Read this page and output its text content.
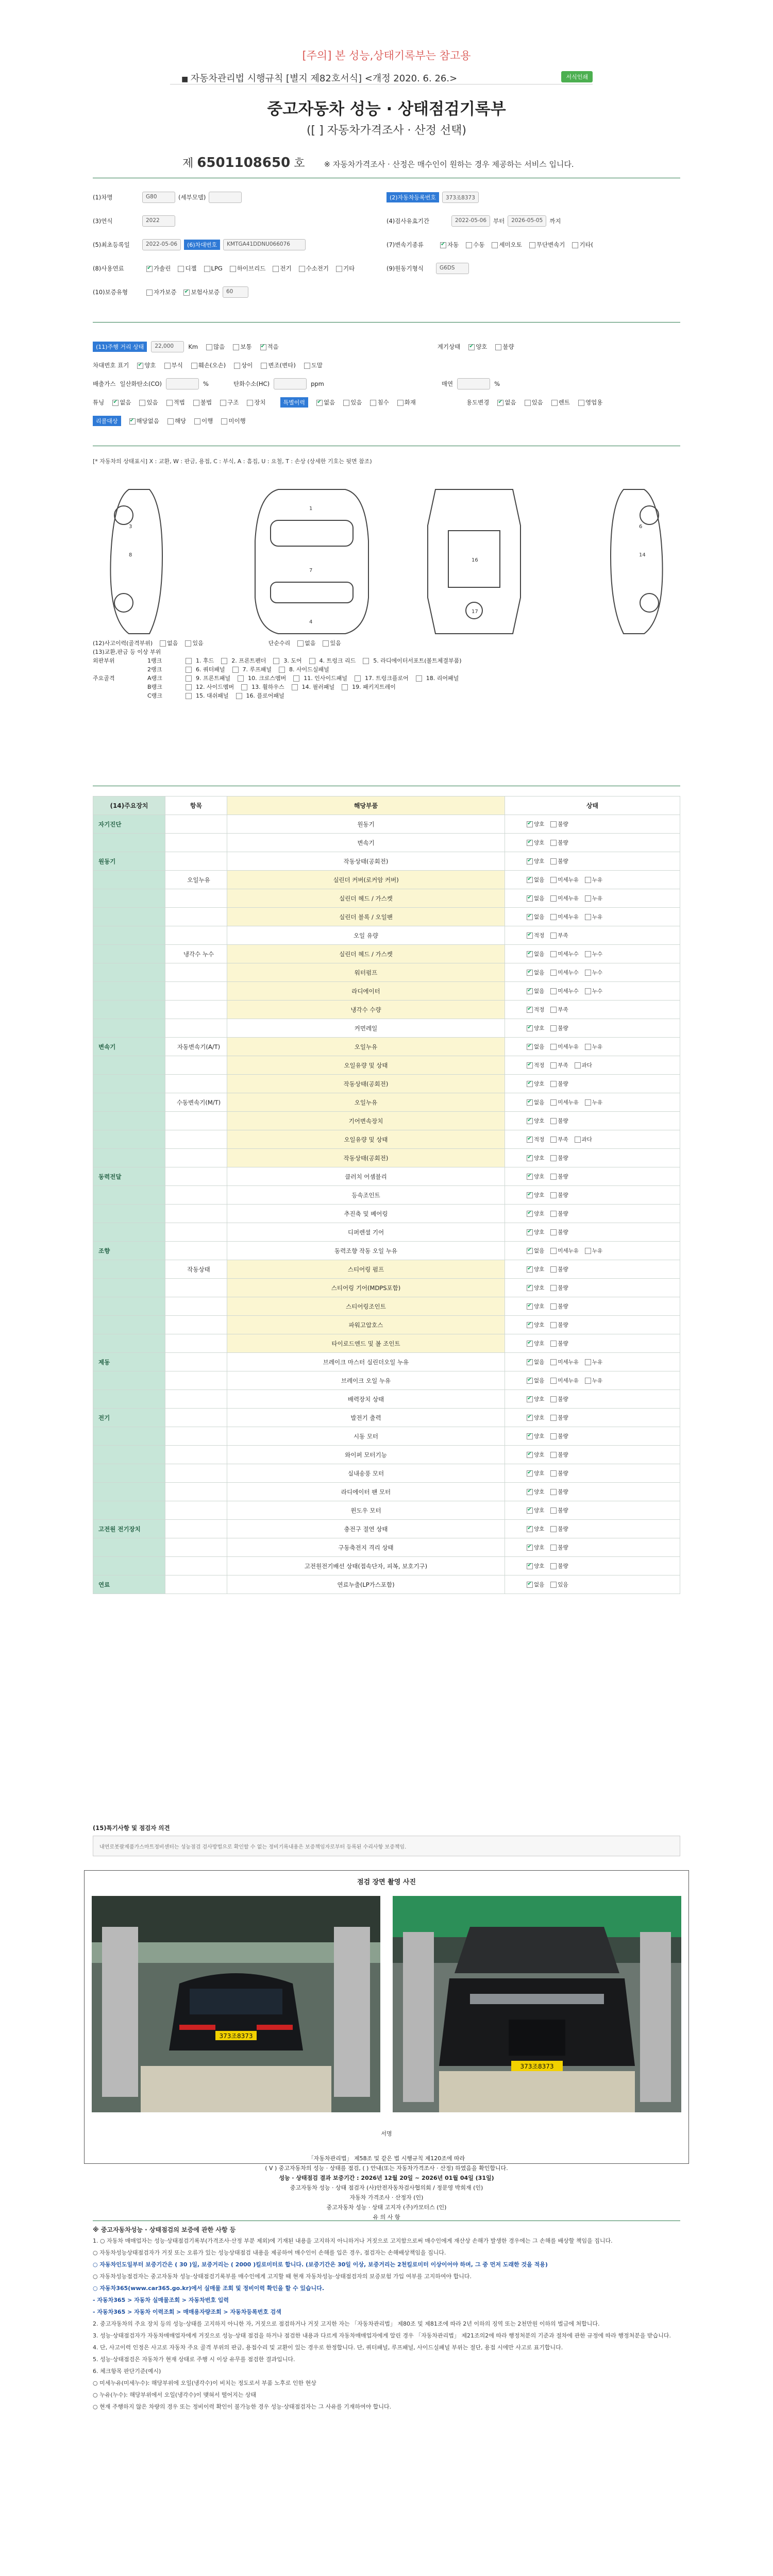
[주의] 본 성능,상태기록부는 참고용
■ 자동차관리법 시행규칙 [별지 제82호서식] <개정 2020. 6. 26.>	서식인쇄
중고자동차 성능 · 상태점검기록부
([ ] 자동차가격조사 · 산정 선택)
제 6501108650 호 ※ 자동차가격조사 · 산정은 매수인이 원하는 경우 제공하는 서비스 입니다.
(1)차명	G80	(세부모델)	(2)자동차등록번호	373조8373
(3)연식	2022	(4)검사유효기간	2022-05-06	부터	2026-05-05	까지
(5)최초등록일	2022-05-06	(6)차대번호	KMTGA41DDNU066076	(7)변속기종류 ✔	자동	수동	세미오토	무단변속기	기타(
(8)사용연료 ✔	가솔린	디젤	LPG	하이브리드	전기	수소전기	기타	(9)원동기형식	G6DS
(10)보증유형	자가보증 ✔	보험사보증	60
(11)주행 거리 상태	22,000	Km	많음	보통 ✔	적음	계기상태 ✔	양호	불량
차대번호 표기 ✔	양호	부식	훼손(오손)	상이	변조(변타)	도말
배출가스 일산화탄소(CO)	%	탄화수소(HC)	ppm	매연	%
튜닝 ✔	없음	있음	적법	불법	구조	장치	특별이력 ✔	없음	있음	침수	화재	용도변경 ✔	없음	있음	렌트	영업용
리콜대상 ✔	해당없음	해당	이행	미이행
[* 자동차의 상태표시] X : 교환, W : 판금, 용접, C : 부식, A : 흠집, U : 요철, T : 손상 (상세한 기호는 뒷면 참조)
3
8
1
7
4
16
17
6
14
(12)사고이력(골격부위)	없음	있음	단순수리	없음	있음
(13)교환,판금 등 이상 부위
외판부위	1랭크	1. 후드	2. 프론트펜더	3. 도어	4. 트렁크 리드	5. 라디에이터서포트(볼트체결부품)
2랭크	6. 쿼터패널	7. 루프패널	8. 사이드실패널
주요골격	A랭크	9. 프론트패널	10. 크로스멤버	11. 인사이드패널	17. 트렁크플로어	18. 리어패널
B랭크	12. 사이드멤버	13. 휠하우스	14. 필러패널	19. 패키지트레이
C랭크	15. 대쉬패널	16. 플로어패널
(14)주요장치	항목	해당부품	상태
자기진단		원동기	✔양호 불량
		변속기	✔양호 불량
원동기		작동상태(공회전)	✔양호 불량
	오일누유	실린더 커버(로커암 커버)	✔없음 미세누유 누유
		실린더 헤드 / 가스켓	✔없음 미세누유 누유
		실린더 블록 / 오일팬	✔없음 미세누유 누유
		오일 유량	✔적정 부족
	냉각수 누수	실린더 헤드 / 가스켓	✔없음 미세누수 누수
		워터펌프	✔없음 미세누수 누수
		라디에이터	✔없음 미세누수 누수
		냉각수 수량	✔적정 부족
		커먼레일	✔양호 불량
변속기	자동변속기(A/T)	오일누유	✔없음 미세누유 누유
		오일유량 및 상태	✔적정 부족 과다
		작동상태(공회전)	✔양호 불량
	수동변속기(M/T)	오일누유	✔없음 미세누유 누유
		기어변속장치	✔양호 불량
		오일유량 및 상태	✔적정 부족 과다
		작동상태(공회전)	✔양호 불량
동력전달		클러치 어셈블리	✔양호 불량
		등속조인트	✔양호 불량
		추진축 및 베어링	✔양호 불량
		디퍼렌셜 기어	✔양호 불량
조향		동력조향 작동 오일 누유	✔없음 미세누유 누유
	작동상태	스티어링 펌프	✔양호 불량
		스티어링 기어(MDPS포함)	✔양호 불량
		스티어링조인트	✔양호 불량
		파워고압호스	✔양호 불량
		타이로드엔드 및 볼 조인트	✔양호 불량
제동		브레이크 마스터 실린더오일 누유	✔없음 미세누유 누유
		브레이크 오일 누유	✔없음 미세누유 누유
		배력장치 상태	✔양호 불량
전기		발전기 출력	✔양호 불량
		시동 모터	✔양호 불량
		와이퍼 모터기능	✔양호 불량
		실내송풍 모터	✔양호 불량
		라디에이터 팬 모터	✔양호 불량
		윈도우 모터	✔양호 불량
고전원 전기장치		충전구 절연 상태	✔양호 불량
		구동축전지 격리 상태	✔양호 불량
		고전원전기배선 상태(접속단자, 피복, 보호기구)	✔양호 불량
연료		연료누출(LP가스포함)	✔없음 있음
(15)특기사항 및 점검자 의견
내연로봇팔제품가스마트정비센터는 성능점검 검사방법으로 확인할 수 없는 정비기록내용은 보증책임자로부터 등록된 수리사항 보증책임.
점검 장면 촬영 사진
373조8373
373조8373
서명
「자동차관리법」 제58조 및 같은 법 시행규칙 제120조에 따라
( V ) 중고자동차의 성능 · 상태를 점검, ( ) 안내(또는 자동차가격조사 · 산정) 하였음을 확인합니다.
성능 · 상태점검 결과 보증기간 : 2026년 12월 20일 ~ 2026년 01월 04일 (31일)
중고자동차 성능 · 상태 점검자 (사)안전자동차검사협의회 / 정문영 박희재 (인)
자동차 가격조사 · 산정자 (인)
중고자동차 성능 · 상태 고지자 (주)카모터스 (인)
유 의 사 항
※ 중고자동차성능 · 상태점검의 보증에 관한 사항 등

1. ○ 자동차 매매업자는 성능·상태점검기록부(가격조사·산정 부분 제외)에 기재된 내용을 고지하지 아니하거나 거짓으로 고지함으로써 매수인에게 재산상 손해가 발생한 경우에는 그 손해를 배상할 책임을 집니다.

○ 자동차성능상태점검자가 거짓 또는 오류가 있는 성능상태점검 내용을 제공하여 매수인이 손해를 입은 경우, 점검자는 손해배상책임을 집니다.

○ 자동차인도일부터 보증기간은 ( 30 )일, 보증거리는 ( 2000 )킬로미터로 합니다. (보증기간은 30일 이상, 보증거리는 2천킬로미터 이상이어야 하며, 그 중 먼저 도래한 것을 적용)

○ 자동차성능점검자는 중고자동차 성능·상태점검기록부를 매수인에게 고지할 때 현재 자동차성능·상태점검자의 보증보험 가입 여부를 고지하여야 합니다.

○ 자동차365(www.car365.go.kr)에서 실매물 조회 및 정비이력 확인을 할 수 있습니다.

- 자동차365 > 자동차 실매물조회 > 자동차번호 입력

- 자동차365 > 자동차 이력조회 > 매매용자량조회 > 자동차등록번호 검색

2. 중고자동차의 주요 장치 등의 성능·상태를 고지하지 아니한 자, 거짓으로 점검하거나 거짓 고지한 자는 「자동차관리법」 제80조 및 제81조에 따라 2년 이하의 징역 또는 2천만원 이하의 벌금에 처합니다.

3. 성능·상태점검자가 자동차매매업자에게 거짓으로 성능·상태 점검을 하거나 점검한 내용과 다르게 자동차매매업자에게 알린 경우 「자동차관리법」 제21조의2에 따라 행정처분의 기준과 절차에 관한 규정에 따라 행정처분을 받습니다.

4. 단, 사고이력 인정은 사고로 자동차 주요 골격 부위의 판금, 용접수리 및 교환이 있는 경우로 한정합니다. 단, 쿼터패널, 루프패널, 사이드실패널 부위는 절단, 용접 시에만 사고로 표기합니다.

5. 성능·상태점검은 자동차가 현재 상태로 주행 시 이상 유무를 점검한 결과입니다.

6. 체크항목 판단기준(예시)

○ 미세누유(미세누수): 해당부위에 오일(냉각수)이 비치는 정도로서 부품 노후로 인한 현상

○ 누유(누수): 해당부위에서 오일(냉각수)이 맺혀서 떨어지는 상태

○ 현재 주행하지 않은 차량의 경우 또는 정비이력 확인이 불가능한 경우 성능·상태점검자는 그 사유를 기재하여야 합니다.
